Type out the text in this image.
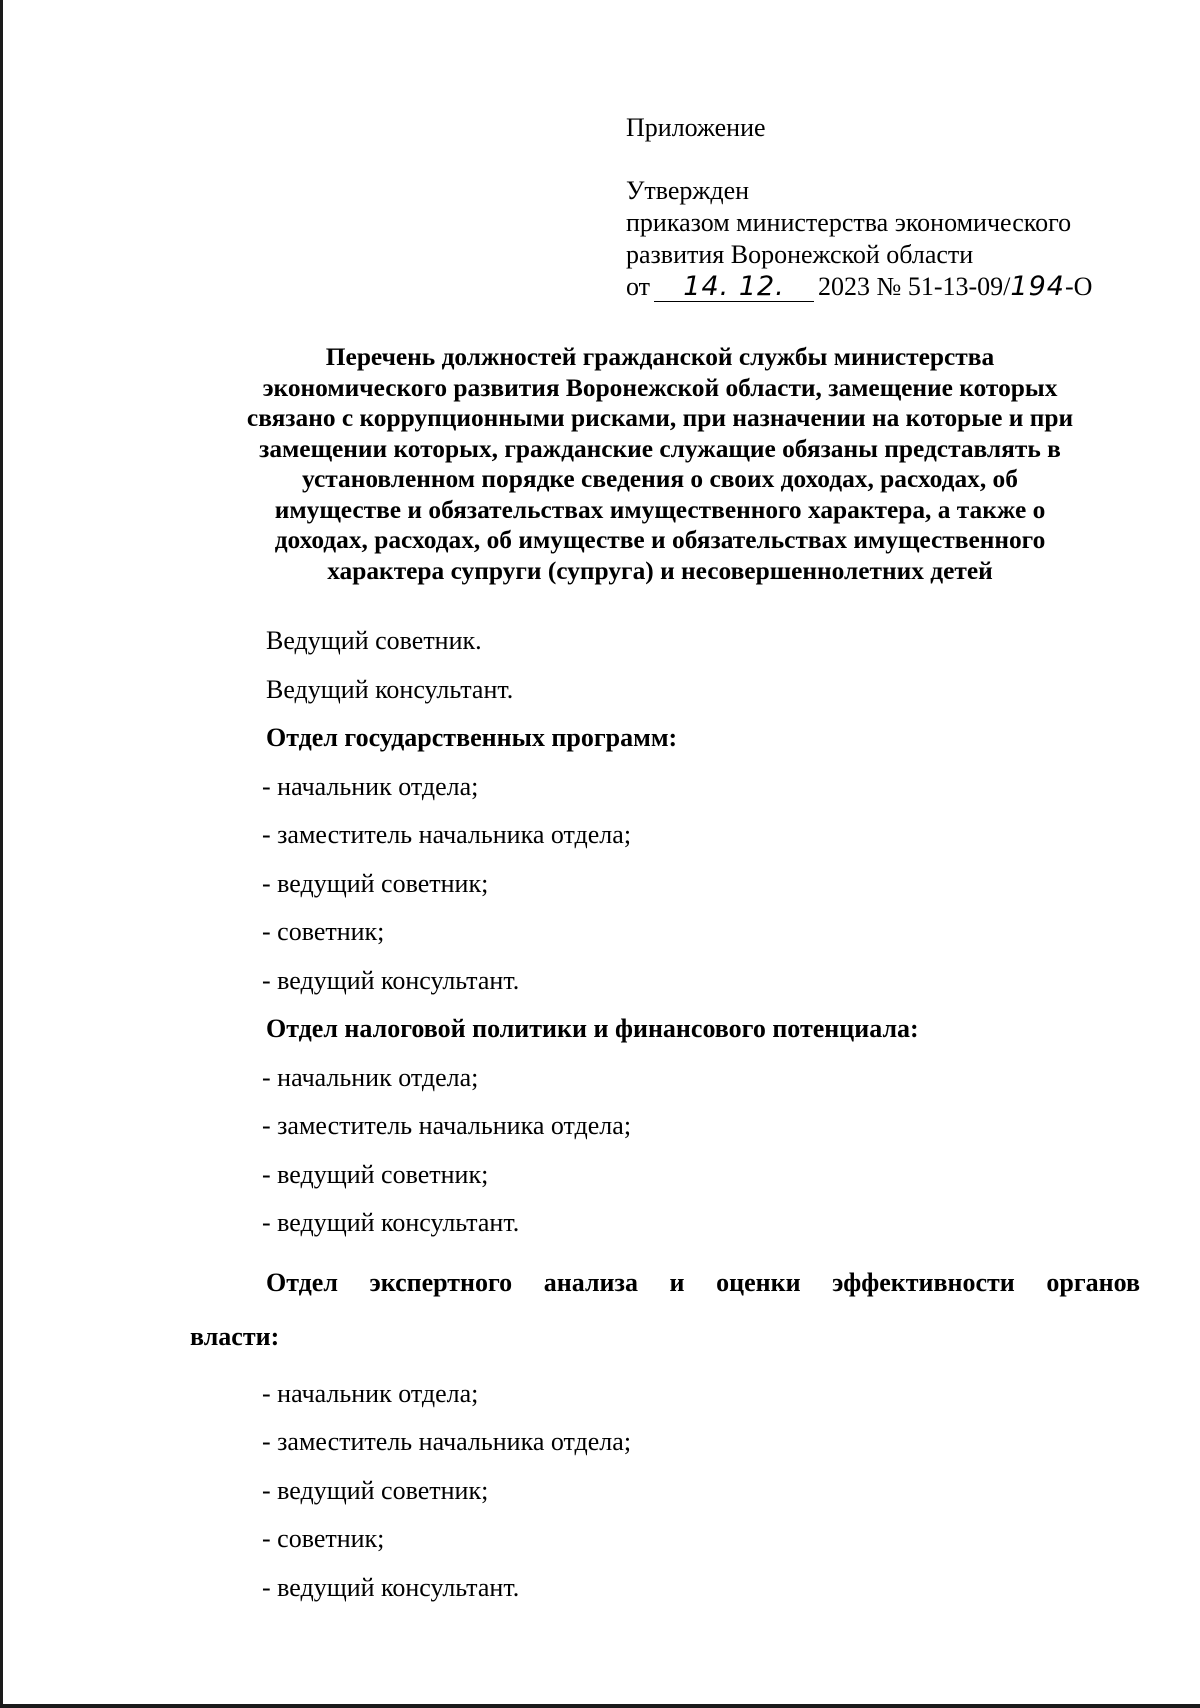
Приложение
Утвержден
приказом министерства экономического
развития Воронежской области
от 14. 12. 2023 № 51-13-09/194-О
Перечень должностей гражданской службы министерства
экономического развития Воронежской области, замещение которых
связано с коррупционными рисками, при назначении на которые и при
замещении которых, гражданские служащие обязаны представлять в
установленном порядке сведения о своих доходах, расходах, об
имуществе и обязательствах имущественного характера, а также о
доходах, расходах, об имуществе и обязательствах имущественного
характера супруги (супруга) и несовершеннолетних детей
Ведущий советник.
Ведущий консультант.
Отдел государственных программ:
- начальник отдела;
- заместитель начальника отдела;
- ведущий советник;
- советник;
- ведущий консультант.
Отдел налоговой политики и финансового потенциала:
- начальник отдела;
- заместитель начальника отдела;
- ведущий советник;
- ведущий консультант.
Отдел экспертного анализа и оценки эффективности органов власти:
- начальник отдела;
- заместитель начальника отдела;
- ведущий советник;
- советник;
- ведущий консультант.
